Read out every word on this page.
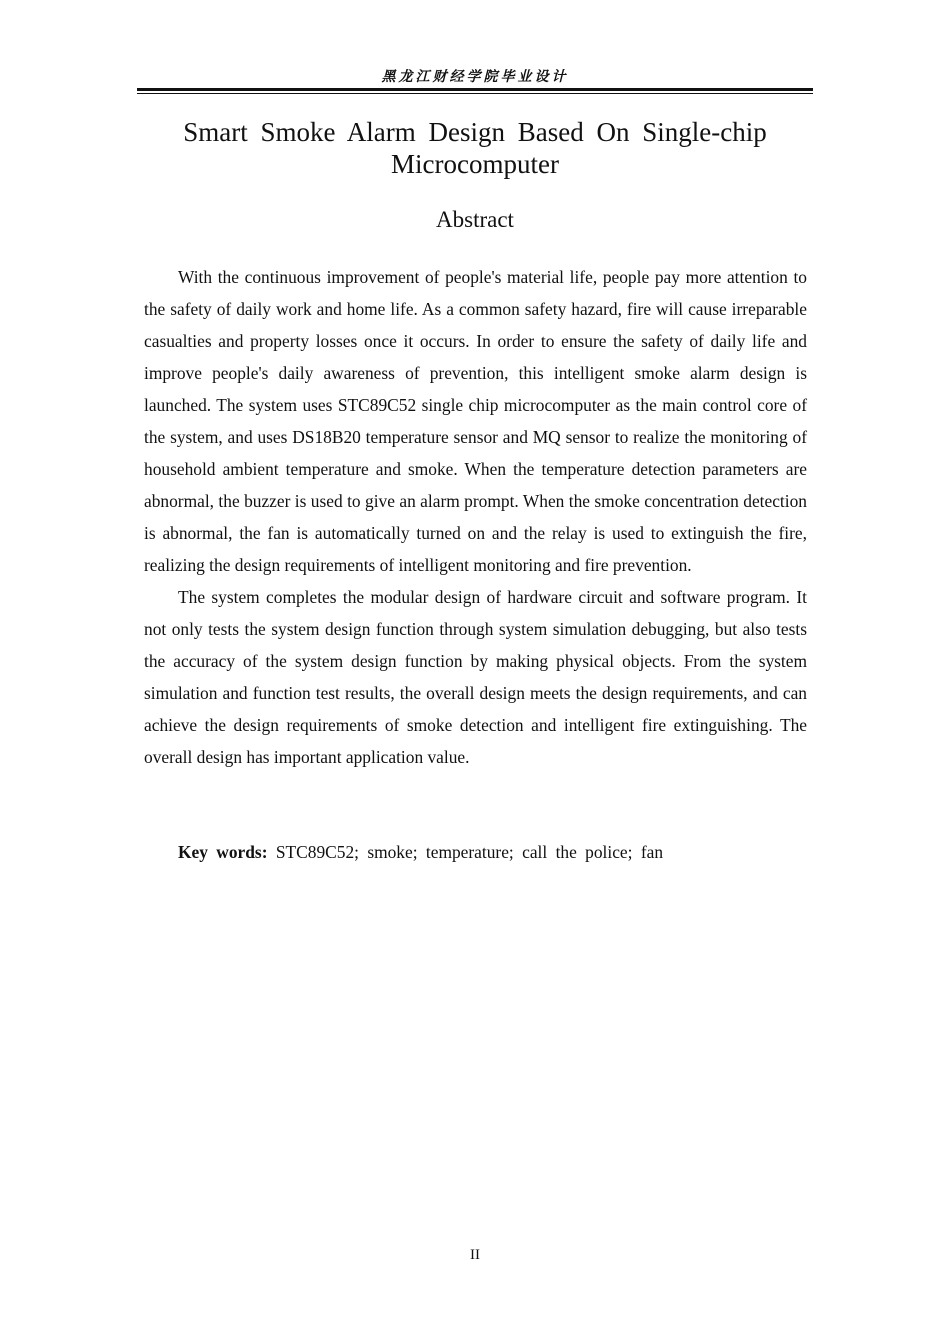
黑龙江财经学院毕业设计
Smart Smoke Alarm Design Based On Single-chip Microcomputer
Abstract

With the continuous improvement of people's material life, people pay more attention to the safety of daily work and home life. As a common safety hazard, fire will cause irreparable casualties and property losses once it occurs. In order to ensure the safety of daily life and improve people's daily awareness of prevention, this intelligent smoke alarm design is launched. The system uses STC89C52 single chip microcomputer as the main control core of the system, and uses DS18B20 temperature sensor and MQ sensor to realize the monitoring of household ambient temperature and smoke. When the temperature detection parameters are abnormal, the buzzer is used to give an alarm prompt. When the smoke concentration detection is abnormal, the fan is automatically turned on and the relay is used to extinguish the fire, realizing the design requirements of intelligent monitoring and fire prevention.

The system completes the modular design of hardware circuit and software program. It not only tests the system design function through system simulation debugging, but also tests the accuracy of the system design function by making physical objects. From the system simulation and function test results, the overall design meets the design requirements, and can achieve the design requirements of smoke detection and intelligent fire extinguishing. The overall design has important application value.

Key words: STC89C52; smoke; temperature; call the police; fan
II
